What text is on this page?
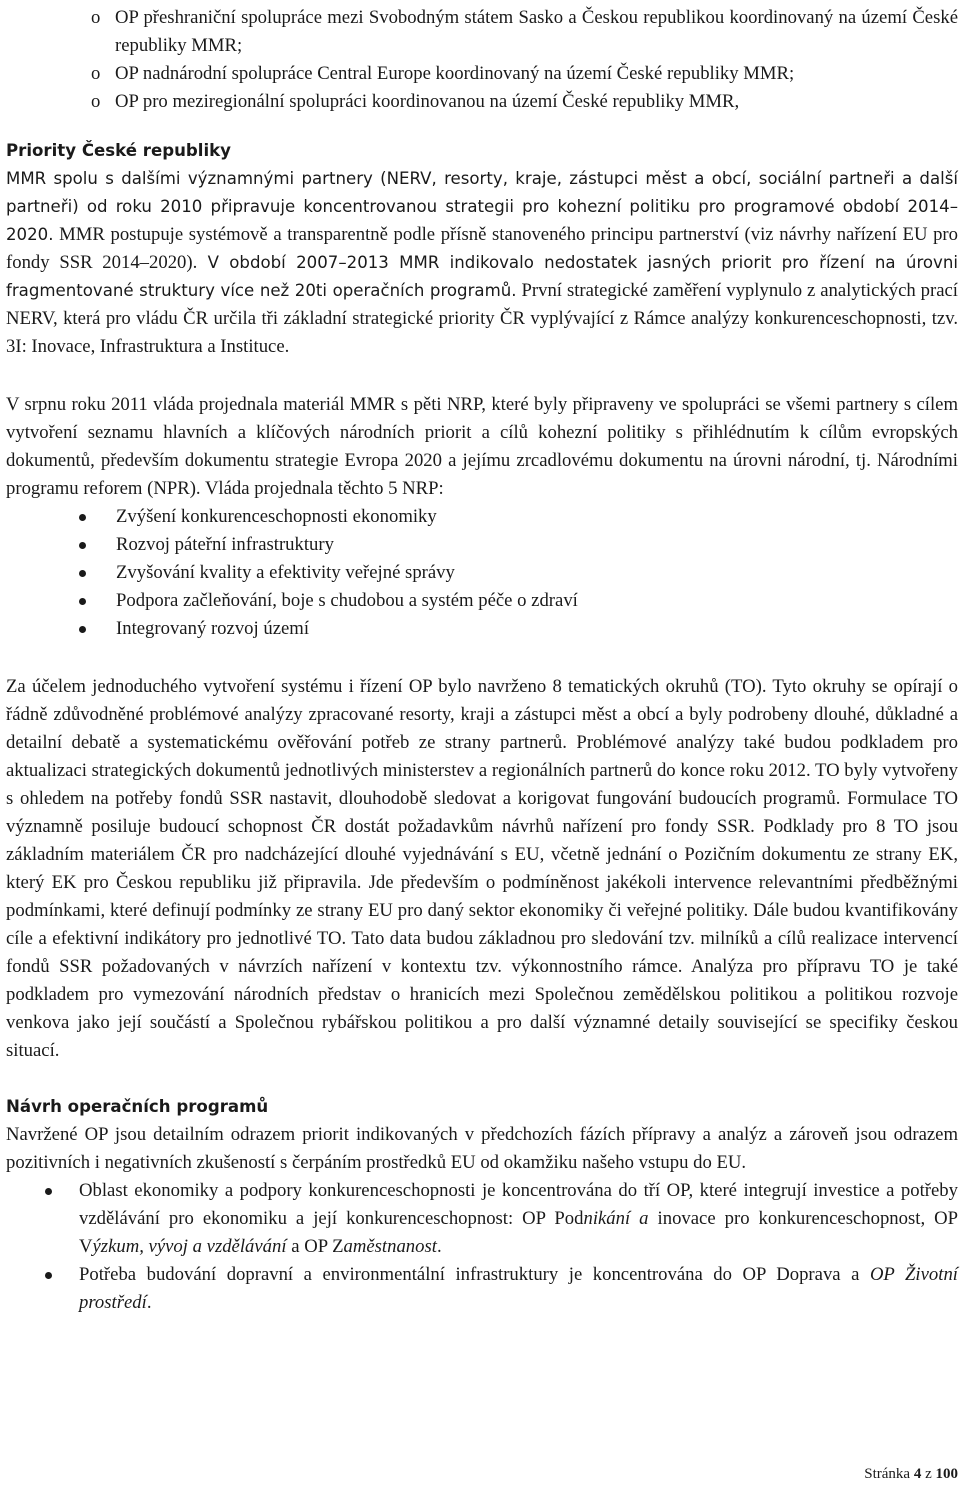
o OP přeshraniční spolupráce mezi Svobodným státem Sasko a Českou republikou koordinovaný na území České republiky MMR;
o OP nadnárodní spolupráce Central Europe koordinovaný na území České republiky MMR;
o OP pro meziregionální spolupráci koordinovanou na území České republiky MMR,
Priority České republiky

MMR spolu s dalšími významnými partnery (NERV, resorty, kraje, zástupci měst a obcí, sociální partneři a další partneři) od roku 2010 připravuje koncentrovanou strategii pro kohezní politiku pro programové období 2014–2020. MMR postupuje systémově a transparentně podle přísně stanoveného principu partnerství (viz návrhy nařízení EU pro fondy SSR 2014–2020). V období 2007–2013 MMR indikovalo nedostatek jasných priorit pro řízení na úrovni fragmentované struktury více než 20ti operačních programů. První strategické zaměření vyplynulo z analytických prací NERV, která pro vládu ČR určila tři základní strategické priority ČR vyplývající z Rámce analýzy konkurenceschopnosti, tzv. 3I: Inovace, Infrastruktura a Instituce.

V srpnu roku 2011 vláda projednala materiál MMR s pěti NRP, které byly připraveny ve spolupráci se všemi partnery s cílem vytvoření seznamu hlavních a klíčových národních priorit a cílů kohezní politiky s přihlédnutím k cílům evropských dokumentů, především dokumentu strategie Evropa 2020 a jejímu zrcadlovému dokumentu na úrovni národní, tj. Národními programu reforem (NPR). Vláda projednala těchto 5 NRP:

Zvýšení konkurenceschopnosti ekonomiky
Rozvoj páteřní infrastruktury
Zvyšování kvality a efektivity veřejné správy
Podpora začleňování, boje s chudobou a systém péče o zdraví
Integrovaný rozvoj území

Za účelem jednoduchého vytvoření systému i řízení OP bylo navrženo 8 tematických okruhů (TO). Tyto okruhy se opírají o řádně zdůvodněné problémové analýzy zpracované resorty, kraji a zástupci měst a obcí a byly podrobeny dlouhé, důkladné a detailní debatě a systematickému ověřování potřeb ze strany partnerů. Problémové analýzy také budou podkladem pro aktualizaci strategických dokumentů jednotlivých ministerstev a regionálních partnerů do konce roku 2012. TO byly vytvořeny s ohledem na potřeby fondů SSR nastavit, dlouhodobě sledovat a korigovat fungování budoucích programů. Formulace TO významně posiluje budoucí schopnost ČR dostát požadavkům návrhů nařízení pro fondy SSR. Podklady pro 8 TO jsou základním materiálem ČR pro nadcházející dlouhé vyjednávání s EU, včetně jednání o Pozičním dokumentu ze strany EK, který EK pro Českou republiku již připravila. Jde především o podmíněnost jakékoli intervence relevantními předběžnými podmínkami, které definují podmínky ze strany EU pro daný sektor ekonomiky či veřejné politiky. Dále budou kvantifikovány cíle a efektivní indikátory pro jednotlivé TO. Tato data budou základnou pro sledování tzv. milníků a cílů realizace intervencí fondů SSR požadovaných v návrzích nařízení v kontextu tzv. výkonnostního rámce. Analýza pro přípravu TO je také podkladem pro vymezování národních představ o hranicích mezi Společnou zemědělskou politikou a politikou rozvoje venkova jako její součástí a Společnou rybářskou politikou a pro další významné detaily související se specifiky českou situací.

Návrh operačních programů

Navržené OP jsou detailním odrazem priorit indikovaných v předchozích fázích přípravy a analýz a zároveň jsou odrazem pozitivních i negativních zkušeností s čerpáním prostředků EU od okamžiku našeho vstupu do EU.

Oblast ekonomiky a podpory konkurenceschopnosti je koncentrována do tří OP, které integrují investice a potřeby vzdělávání pro ekonomiku a její konkurenceschopnost: OP Podnikání a inovace pro konkurenceschopnost, OP Výzkum, vývoj a vzdělávání a OP Zaměstnanost.
Potřeba budování dopravní a environmentální infrastruktury je koncentrována do OP Doprava a OP Životní prostředí.
Stránka 4 z 100
